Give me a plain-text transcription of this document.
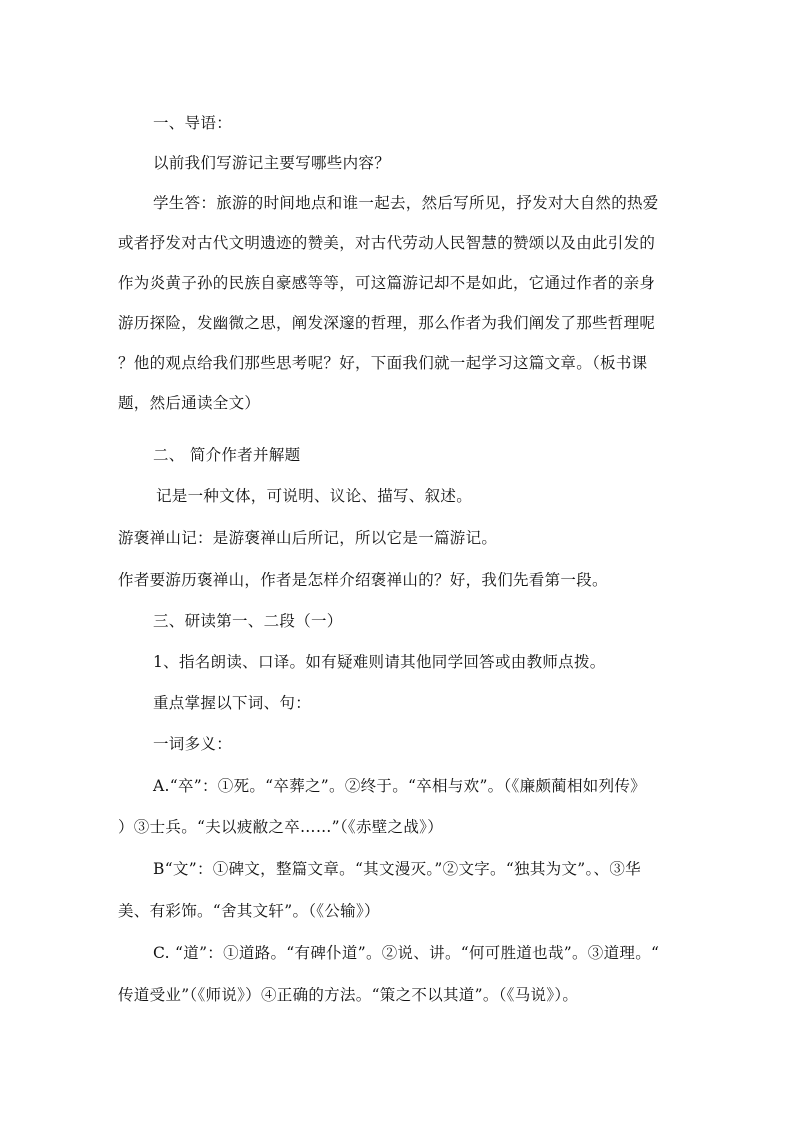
一、导语：
以前我们写游记主要写哪些内容？
学生答：旅游的时间地点和谁一起去，然后写所见，抒发对大自然的热爱
或者抒发对古代文明遗迹的赞美，对古代劳动人民智慧的赞颂以及由此引发的
作为炎黄子孙的民族自豪感等等，可这篇游记却不是如此，它通过作者的亲身
游历探险，发幽微之思，阐发深邃的哲理，那么作者为我们阐发了那些哲理呢
？他的观点给我们那些思考呢？好，下面我们就一起学习这篇文章。（板书课
题，然后通读全文）
二、 简介作者并解题
记是一种文体，可说明、议论、描写、叙述。
游褒禅山记：是游褒禅山后所记，所以它是一篇游记。
作者要游历褒禅山，作者是怎样介绍褒禅山的？好，我们先看第一段。
三、研读第一、二段（一）
1、指名朗读、口译。如有疑难则请其他同学回答或由教师点拨。
重点掌握以下词、句：
一词多义：
A.“卒”：①死。“卒葬之”。②终于。“卒相与欢”。（《廉颇蔺相如列传》
）③士兵。“夫以疲敝之卒……”（《赤壁之战》）
B“文”：①碑文，整篇文章。“其文漫灭。”②文字。“独其为文”。、③华
美、有彩饰。“舍其文轩”。（《公输》）
C. “道”：①道路。“有碑仆道”。②说、讲。“何可胜道也哉”。③道理。“
传道受业”（《师说》）④正确的方法。“策之不以其道”。（《马说》）。
